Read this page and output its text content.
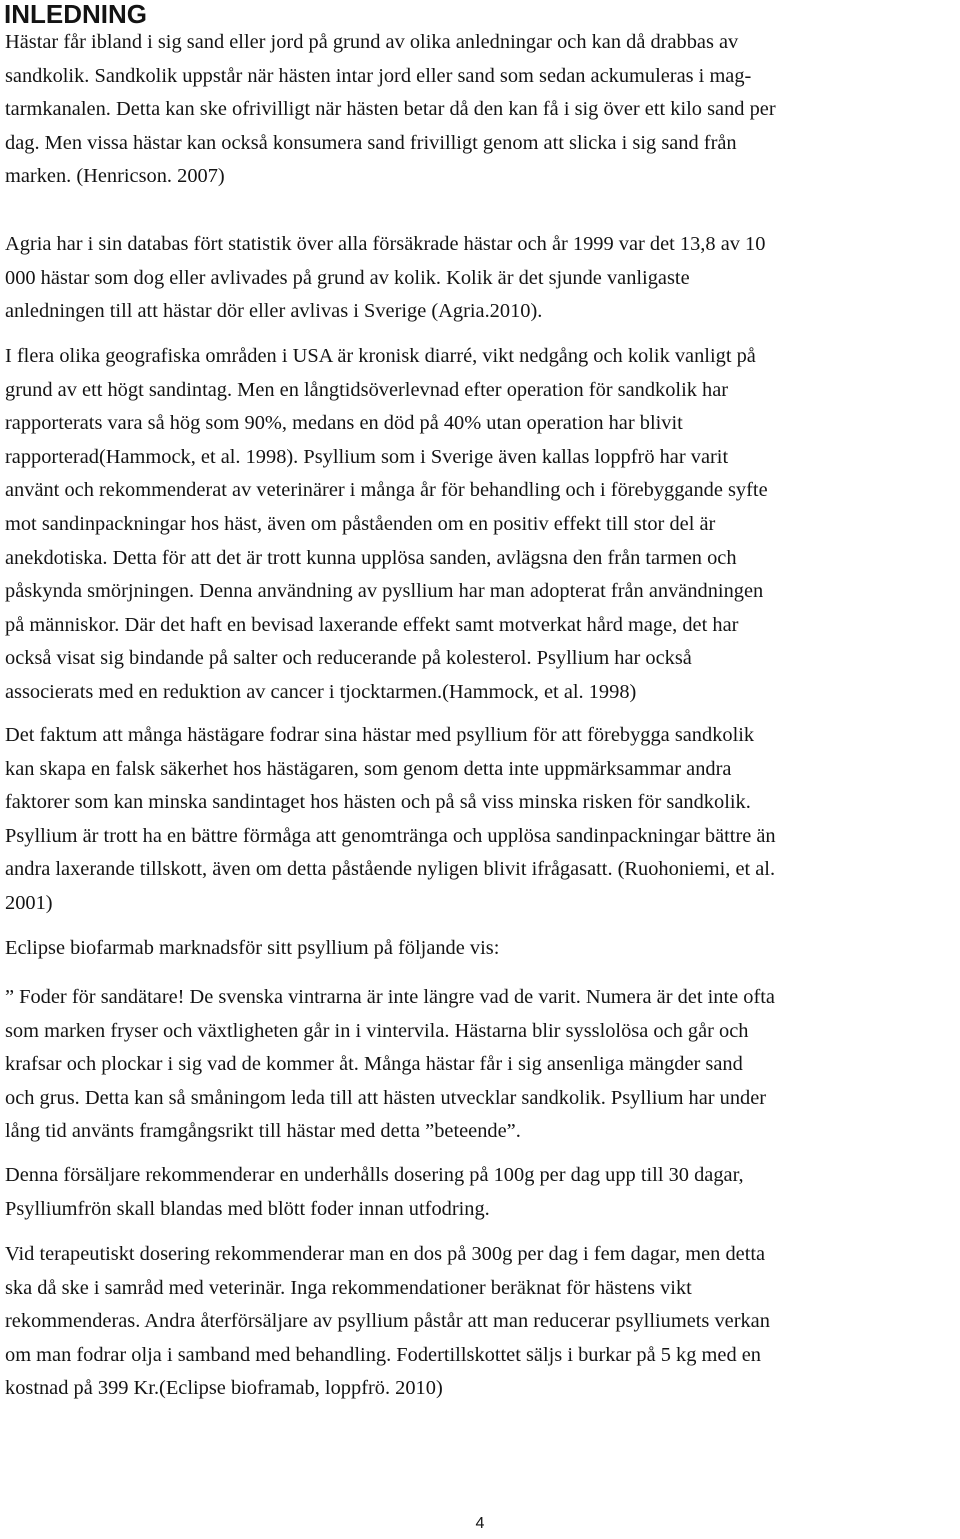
INLEDNING
Hästar får ibland i sig sand eller jord på grund av olika anledningar och kan då drabbas av
sandkolik. Sandkolik uppstår när hästen intar jord eller sand som sedan ackumuleras i mag-
tarmkanalen. Detta kan ske ofrivilligt när hästen betar då den kan få i sig över ett kilo sand per
dag. Men vissa hästar kan också konsumera sand frivilligt genom att slicka i sig sand från
marken. (Henricson. 2007)
Agria har i sin databas fört statistik över alla försäkrade hästar och år 1999 var det 13,8 av 10
000 hästar som dog eller avlivades på grund av kolik. Kolik är det sjunde vanligaste
anledningen till att hästar dör eller avlivas i Sverige (Agria.2010).
I flera olika geografiska områden i USA är kronisk diarré, vikt nedgång och kolik vanligt på
grund av ett högt sandintag. Men en långtidsöverlevnad efter operation för sandkolik har
rapporterats vara så hög som 90%, medans en död på 40% utan operation har blivit
rapporterad(Hammock, et al. 1998). Psyllium som i Sverige även kallas loppfrö har varit
använt och rekommenderat av veterinärer i många år för behandling och i förebyggande syfte
mot sandinpackningar hos häst, även om påståenden om en positiv effekt till stor del är
anekdotiska. Detta för att det är trott kunna upplösa sanden, avlägsna den från tarmen och
påskynda smörjningen. Denna användning av pysllium har man adopterat från användningen
på människor. Där det haft en bevisad laxerande effekt samt motverkat hård mage, det har
också visat sig bindande på salter och reducerande på kolesterol. Psyllium har också
associerats med en reduktion av cancer i tjocktarmen.(Hammock, et al. 1998)
Det faktum att många hästägare fodrar sina hästar med psyllium för att förebygga sandkolik
kan skapa en falsk säkerhet hos hästägaren, som genom detta inte uppmärksammar andra
faktorer som kan minska sandintaget hos hästen och på så viss minska risken för sandkolik.
Psyllium är trott ha en bättre förmåga att genomtränga och upplösa sandinpackningar bättre än
andra laxerande tillskott, även om detta påstående nyligen blivit ifrågasatt. (Ruohoniemi, et al.
2001)
Eclipse biofarmab marknadsför sitt psyllium på följande vis:
” Foder för sandätare! De svenska vintrarna är inte längre vad de varit. Numera är det inte ofta
som marken fryser och växtligheten går in i vintervila. Hästarna blir sysslolösa och går och
krafsar och plockar i sig vad de kommer åt. Många hästar får i sig ansenliga mängder sand
och grus. Detta kan så småningom leda till att hästen utvecklar sandkolik. Psyllium har under
lång tid använts framgångsrikt till hästar med detta ”beteende”.
Denna försäljare rekommenderar en underhålls dosering på 100g per dag upp till 30 dagar,
Psylliumfrön skall blandas med blött foder innan utfodring.
Vid terapeutiskt dosering rekommenderar man en dos på 300g per dag i fem dagar, men detta
ska då ske i samråd med veterinär. Inga rekommendationer beräknat för hästens vikt
rekommenderas. Andra återförsäljare av psyllium påstår att man reducerar psylliumets verkan
om man fodrar olja i samband med behandling. Fodertillskottet säljs i burkar på 5 kg med en
kostnad på 399 Kr.(Eclipse bioframab, loppfrö. 2010)
4
